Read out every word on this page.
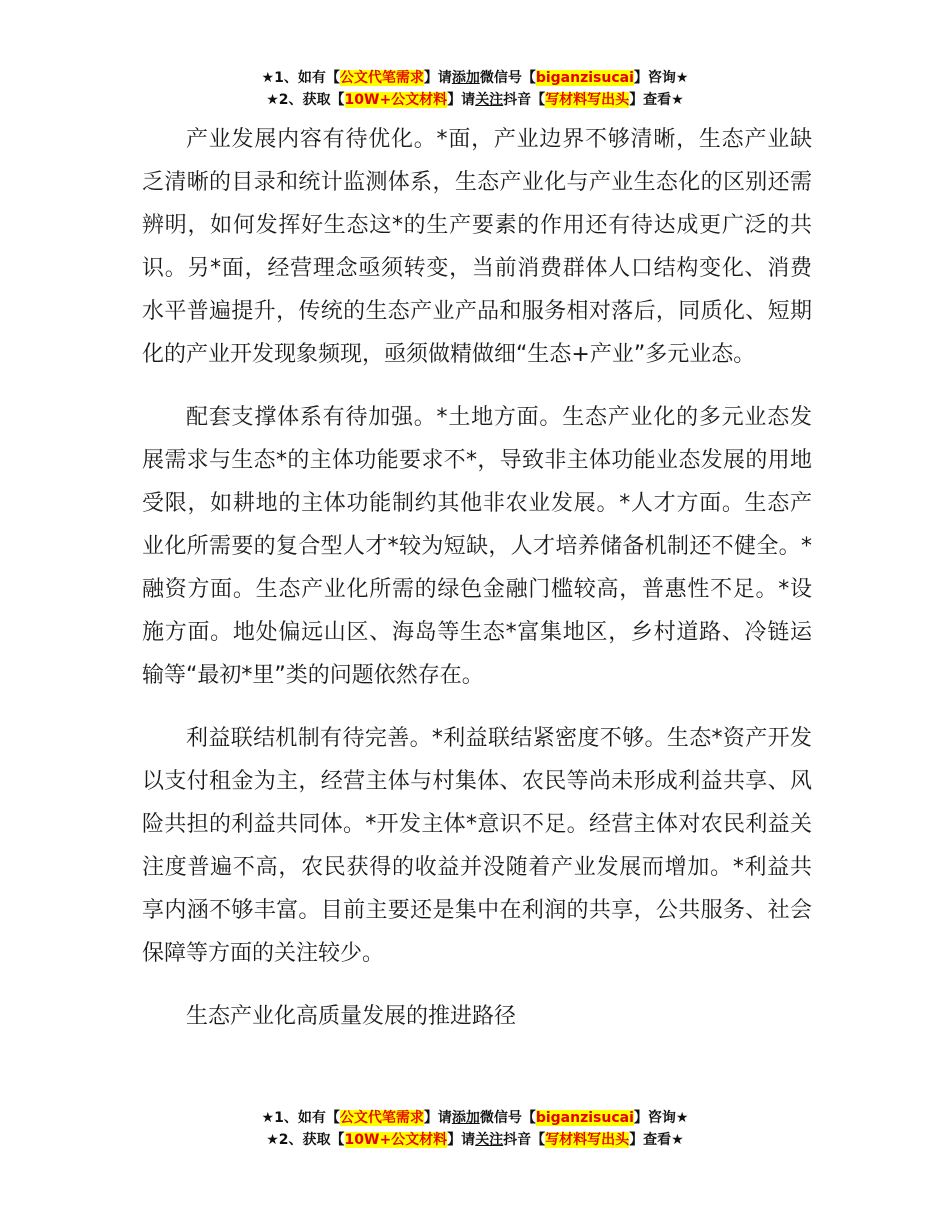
★1、如有【公文代笔需求】请添加微信号【biganzisucai】咨询★
★2、获取【10W+公文材料】请关注抖音【写材料写出头】查看★

产业发展内容有待优化。*面，产业边界不够清晰，生态产业缺乏清晰的目录和统计监测体系，生态产业化与产业生态化的区别还需辨明，如何发挥好生态这*的生产要素的作用还有待达成更广泛的共识。另*面，经营理念亟须转变，当前消费群体人口结构变化、消费水平普遍提升，传统的生态产业产品和服务相对落后，同质化、短期化的产业开发现象频现，亟须做精做细“生态+产业”多元业态。

配套支撑体系有待加强。*土地方面。生态产业化的多元业态发展需求与生态*的主体功能要求不*，导致非主体功能业态发展的用地受限，如耕地的主体功能制约其他非农业发展。*人才方面。生态产业化所需要的复合型人才*较为短缺，人才培养储备机制还不健全。*融资方面。生态产业化所需的绿色金融门槛较高，普惠性不足。*设施方面。地处偏远山区、海岛等生态*富集地区，乡村道路、冷链运输等“最初*里”类的问题依然存在。

利益联结机制有待完善。*利益联结紧密度不够。生态*资产开发以支付租金为主，经营主体与村集体、农民等尚未形成利益共享、风险共担的利益共同体。*开发主体*意识不足。经营主体对农民利益关注度普遍不高，农民获得的收益并没随着产业发展而增加。*利益共享内涵不够丰富。目前主要还是集中在利润的共享，公共服务、社会保障等方面的关注较少。

生态产业化高质量发展的推进路径

★1、如有【公文代笔需求】请添加微信号【biganzisucai】咨询★
★2、获取【10W+公文材料】请关注抖音【写材料写出头】查看★
